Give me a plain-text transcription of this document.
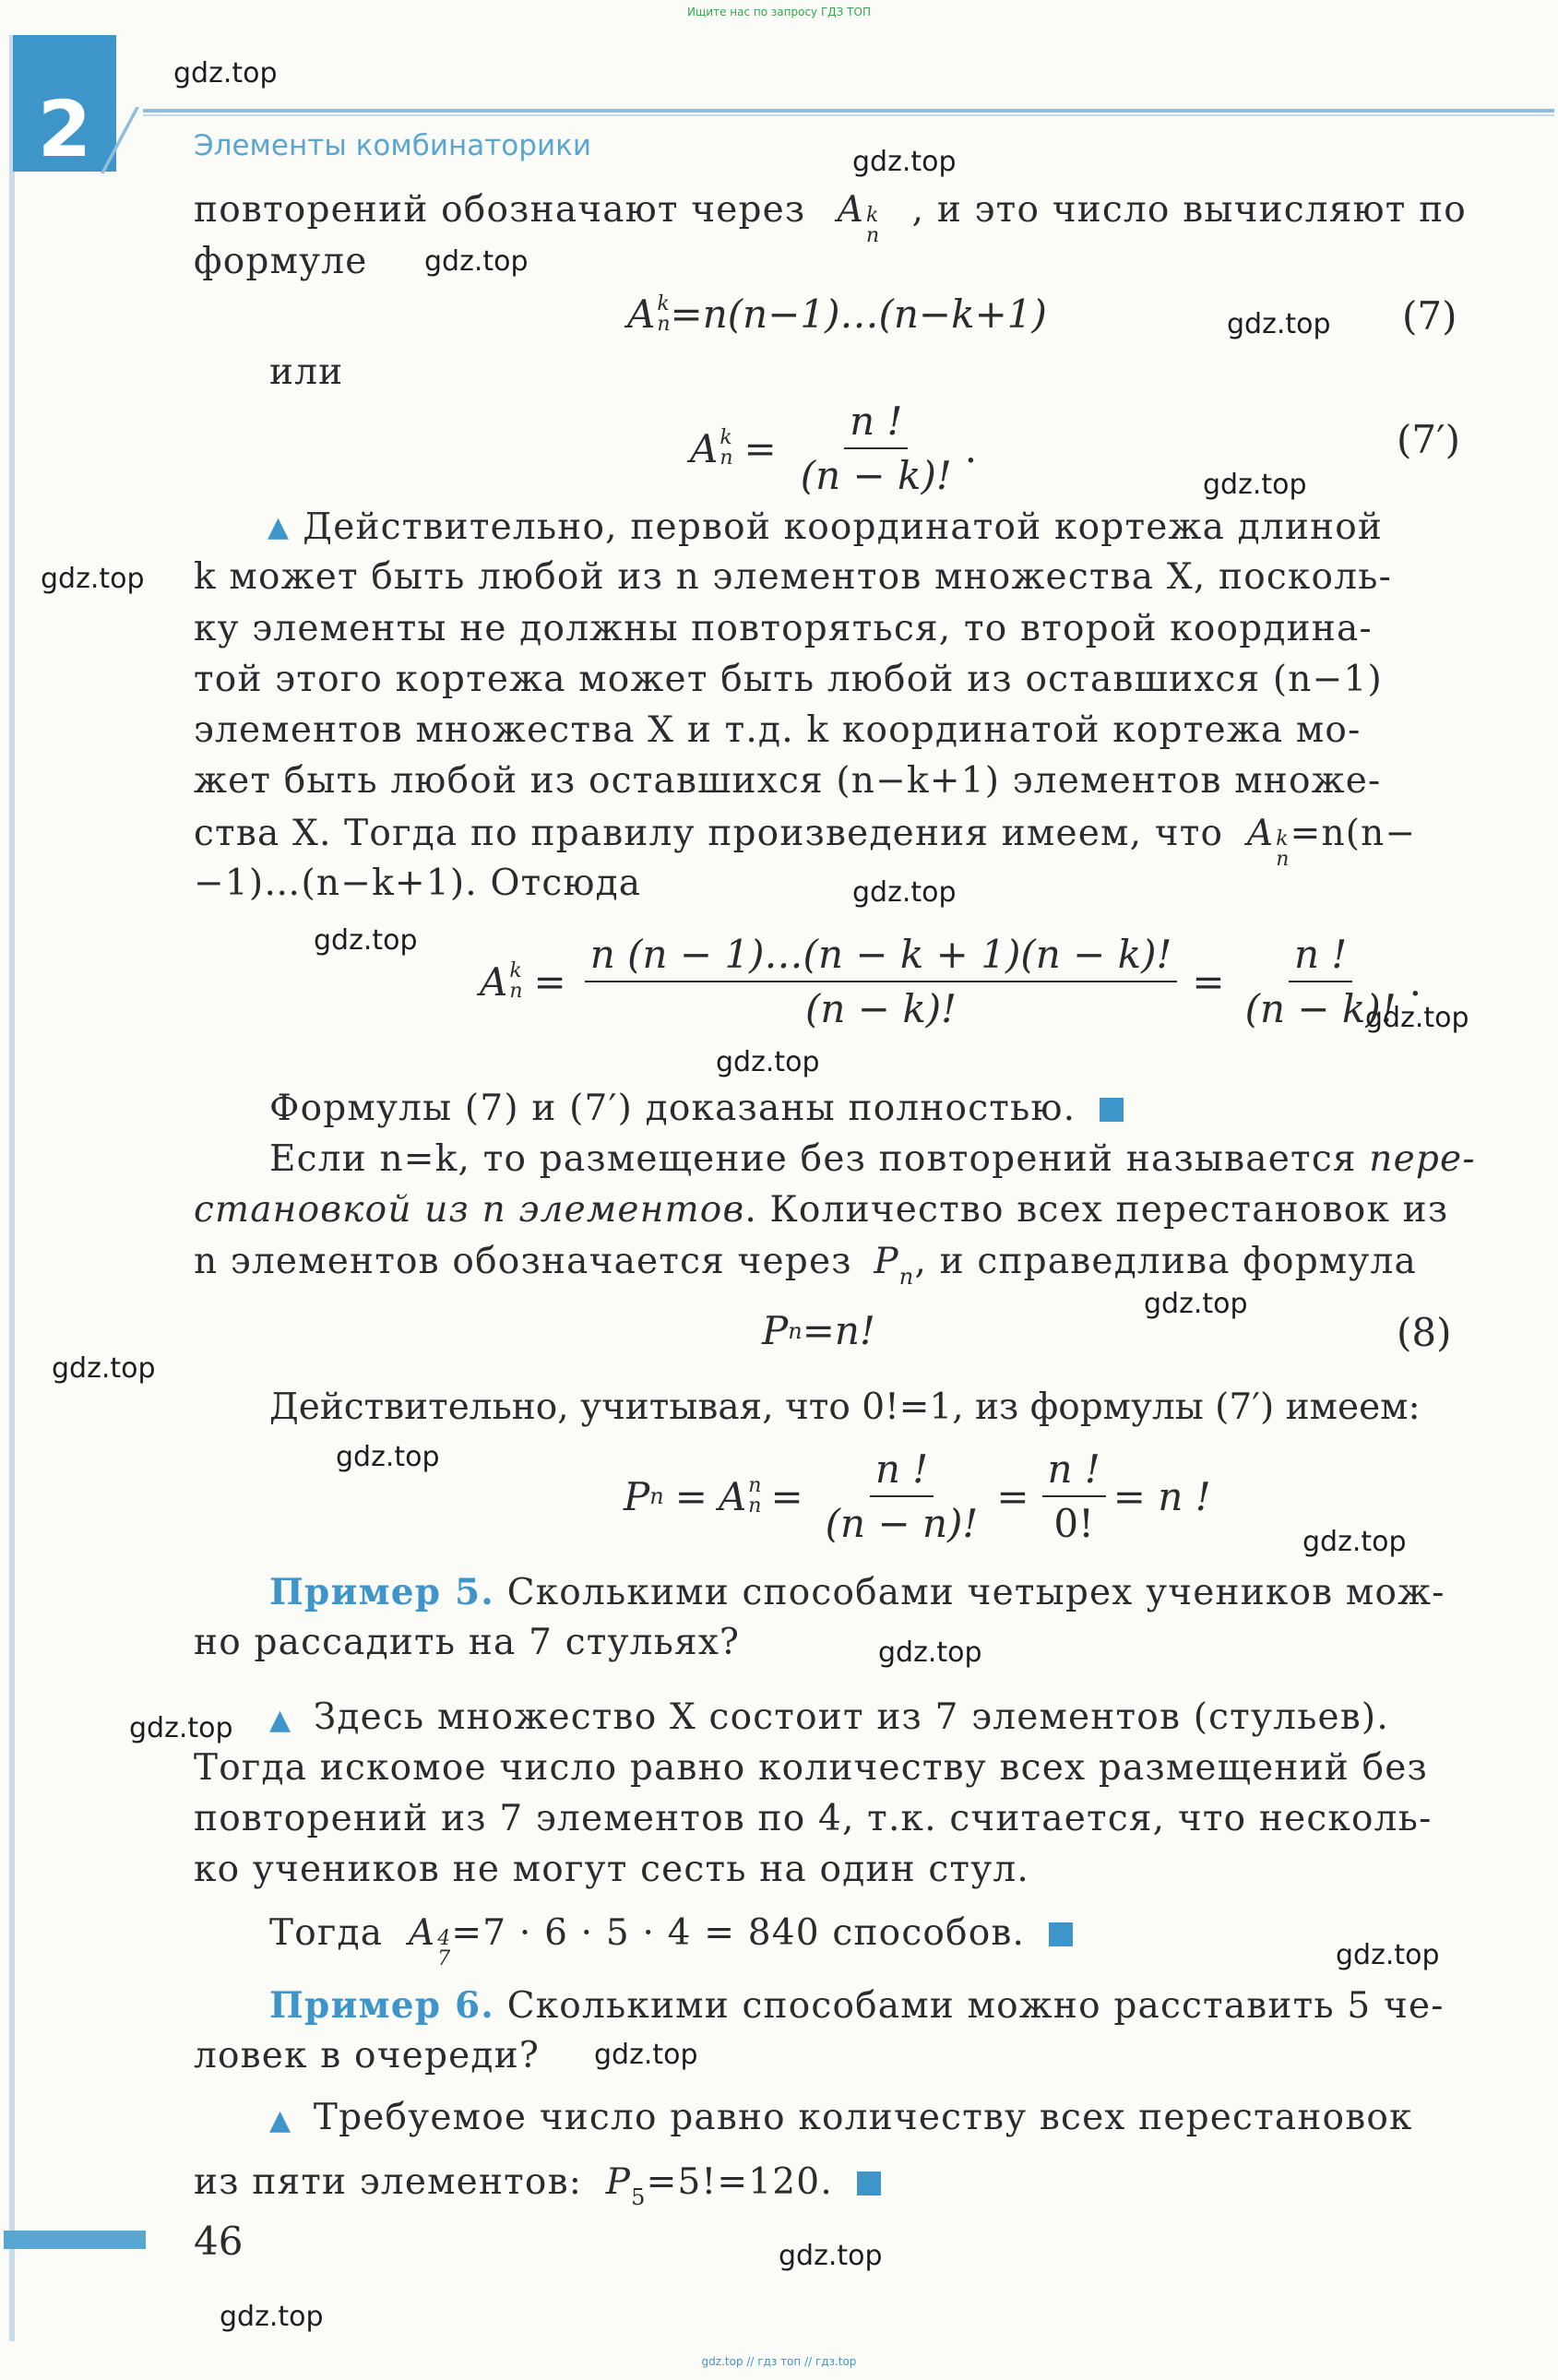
Ищите нас по запросу ГДЗ ТОП
2	Элементы комбинаторики
повторений обозначают через A k
n
, и это число вычисляют по
формуле
A k
n =n(n−1)…(n−k+1)	(7)
или
A k
$n = \frac{n !}{(n - k)!}$ .	(7′)
▲ Действительно, первой координатой кортежа длиной
k может быть любой из n элементов множества X, посколь-
ку элементы не должны повторяться, то второй координа-
той этого кортежа может быть любой из оставшихся (n−1)
элементов множества X и т.д. k координатой кортежа мо-
жет быть любой из оставшихся (n−k+1) элементов множе-
ства X. Тогда по правилу произведения имеем, что A k
n
=n(n−
−1)…(n−k+1). Отсюда
A k
$n = \frac{n (n - 1)\dots(n - k + 1)(n - k)!}{(n - k)!} = \frac{n !}{(n - k)!}$ .
Формулы (7) и (7′) доказаны полностью.
Если n=k, то размещение без повторений называется пере-
становкой из n элементов. Количество всех перестановок из
n элементов обозначается через $P_n$, и справедлива формула
P n =n!	(8)
Действительно, учитывая, что 0!=1, из формулы (7′) имеем:
P n = A n
$n = \frac{n !}{(n - n)!} = \frac{n !}{0!} = n$ !
Пример 5. Сколькими способами четырех учеников мож-
но рассадить на 7 стульях?
▲ Здесь множество X состоит из 7 элементов (стульев).
Тогда искомое число равно количеству всех размещений без
повторений из 7 элементов по 4, т.к. считается, что несколь-
ко учеников не могут сесть на один стул.
Тогда A 4
7
=7 · 6 · 5 · 4 = 840 способов.
Пример 6. Сколькими способами можно расставить 5 че-
ловек в очереди?
▲ Требуемое число равно количеству всех перестановок
из пяти элементов: $P_5=5!=120$.
46
gdz.top // гдз топ // гдз.top
gdz.top
gdz.top
gdz.top
gdz.top
gdz.top
gdz.top
gdz.top
gdz.top
gdz.top
gdz.top
gdz.top
gdz.top
gdz.top
gdz.top
gdz.top
gdz.top
gdz.top
gdz.top
gdz.top
gdz.top
